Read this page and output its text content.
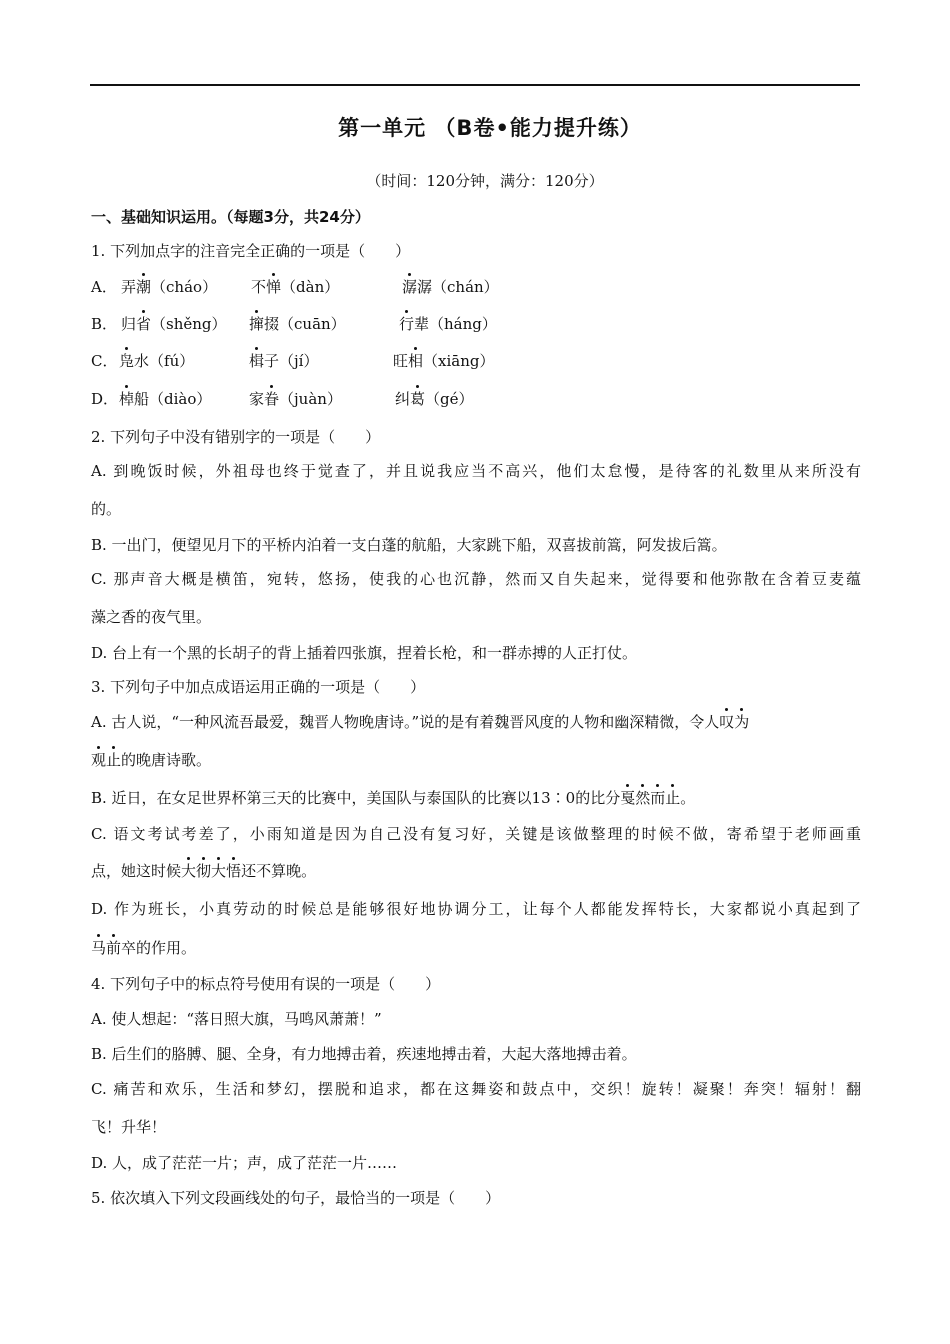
第一单元 （B卷•能力提升练）
（时间：120分钟，满分：120分）
一、基础知识运用。（每题3分，共24分）
1. 下列加点字的注音完全正确的一项是（　　）
A． 弄潮（cháo） 不惮（dàn）	潺潺（chán）
B． 归省（shěng） 撺掇（cuān）	行辈（háng）
C． 凫水（fú）	楫子（jí）	旺相（xiāng）
D． 棹船（diào）	家眷（juàn）	纠葛（gé）
2. 下列句子中没有错别字的一项是（　　）
A. 到晚饭时候，外祖母也终于觉查了，并且说我应当不高兴，他们太怠慢，是待客的礼数里从来所没有
的。
B. 一出门，便望见月下的平桥内泊着一支白蓬的航船，大家跳下船，双喜拔前篙，阿发拔后篙。
C. 那声音大概是横笛，宛转，悠扬，使我的心也沉静，然而又自失起来，觉得要和他弥散在含着豆麦蕴
藻之香的夜气里。
D. 台上有一个黑的长胡子的背上插着四张旗，捏着长枪，和一群赤搏的人正打仗。
3. 下列句子中加点成语运用正确的一项是（　　）
A. 古人说，“一种风流吾最爱，魏晋人物晚唐诗。”说的是有着魏晋风度的人物和幽深精微，令人叹为
观止的晚唐诗歌。
B. 近日，在女足世界杯第三天的比赛中，美国队与泰国队的比赛以13∶0的比分戛然而止。
C. 语文考试考差了，小雨知道是因为自己没有复习好，关键是该做整理的时候不做，寄希望于老师画重
点，她这时候大彻大悟还不算晚。
D. 作为班长，小真劳动的时候总是能够很好地协调分工，让每个人都能发挥特长，大家都说小真起到了
马前卒的作用。
4. 下列句子中的标点符号使用有误的一项是（　　）
A. 使人想起：“落日照大旗，马鸣风萧萧！”
B. 后生们的胳膊、腿、全身，有力地搏击着，疾速地搏击着，大起大落地搏击着。
C. 痛苦和欢乐，生活和梦幻，摆脱和追求，都在这舞姿和鼓点中，交织！旋转！凝聚！奔突！辐射！翻
飞！升华！
D. 人，成了茫茫一片；声，成了茫茫一片……
5. 依次填入下列文段画线处的句子，最恰当的一项是（　　）
